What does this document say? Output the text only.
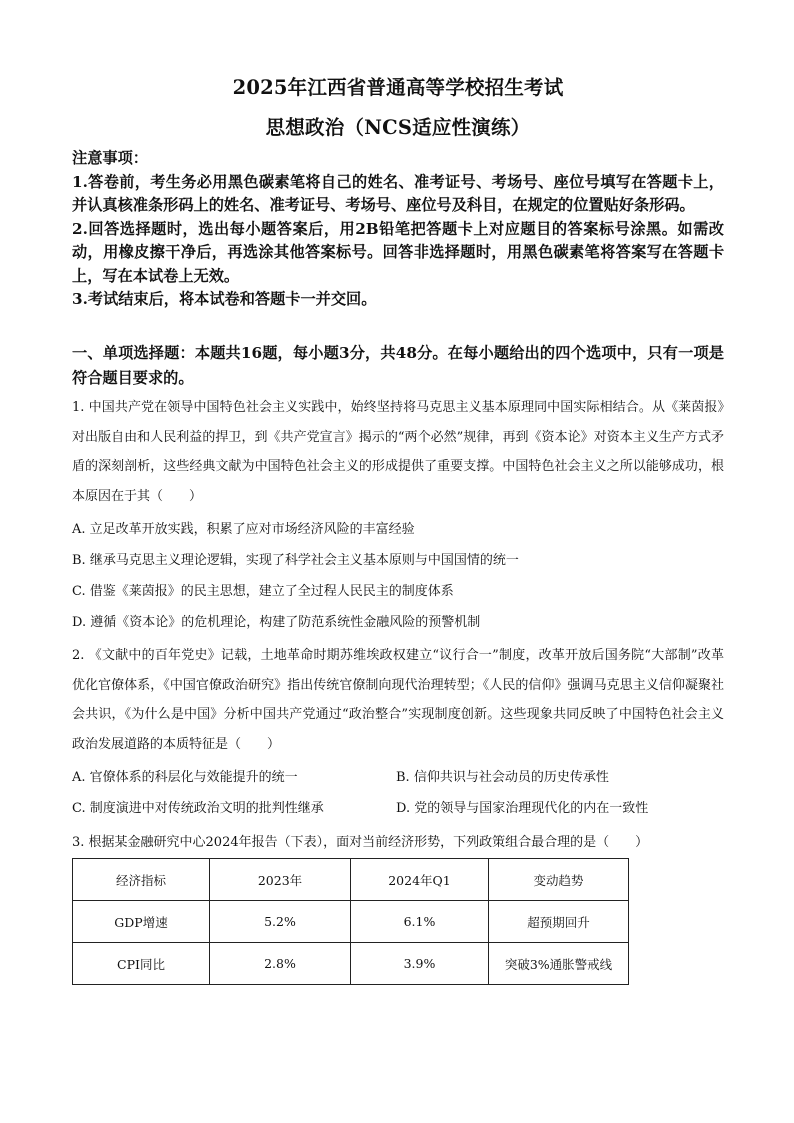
2025年江西省普通高等学校招生考试
思想政治（NCS适应性演练）

注意事项：

1.答卷前，考生务必用黑色碳素笔将自己的姓名、准考证号、考场号、座位号填写在答题卡上，并认真核准条形码上的姓名、准考证号、考场号、座位号及科目，在规定的位置贴好条形码。

2.回答选择题时，选出每小题答案后，用2B铅笔把答题卡上对应题目的答案标号涂黑。如需改动，用橡皮擦干净后，再选涂其他答案标号。回答非选择题时，用黑色碳素笔将答案写在答题卡上，写在本试卷上无效。

3.考试结束后，将本试卷和答题卡一并交回。

一、单项选择题：本题共16题，每小题3分，共48分。在每小题给出的四个选项中，只有一项是符合题目要求的。

1. 中国共产党在领导中国特色社会主义实践中，始终坚持将马克思主义基本原理同中国实际相结合。从《莱茵报》对出版自由和人民利益的捍卫，到《共产党宣言》揭示的“两个必然”规律，再到《资本论》对资本主义生产方式矛盾的深刻剖析，这些经典文献为中国特色社会主义的形成提供了重要支撑。中国特色社会主义之所以能够成功，根本原因在于其（　　）

A. 立足改革开放实践，积累了应对市场经济风险的丰富经验
B. 继承马克思主义理论逻辑，实现了科学社会主义基本原则与中国国情的统一
C. 借鉴《莱茵报》的民主思想，建立了全过程人民民主的制度体系
D. 遵循《资本论》的危机理论，构建了防范系统性金融风险的预警机制

2. 《文献中的百年党史》记载，土地革命时期苏维埃政权建立“议行合一”制度，改革开放后国务院“大部制”改革优化官僚体系，《中国官僚政治研究》指出传统官僚制向现代治理转型；《人民的信仰》强调马克思主义信仰凝聚社会共识，《为什么是中国》分析中国共产党通过“政治整合”实现制度创新。这些现象共同反映了中国特色社会主义政治发展道路的本质特征是（　　）

A. 官僚体系的科层化与效能提升的统一	B. 信仰共识与社会动员的历史传承性
C. 制度演进中对传统政治文明的批判性继承	D. 党的领导与国家治理现代化的内在一致性

3. 根据某金融研究中心2024年报告（下表），面对当前经济形势，下列政策组合最合理的是（　　）

经济指标	2023年	2024年Q1	变动趋势
GDP增速	5.2%	6.1%	超预期回升
CPI同比	2.8%	3.9%	突破3%通胀警戒线
